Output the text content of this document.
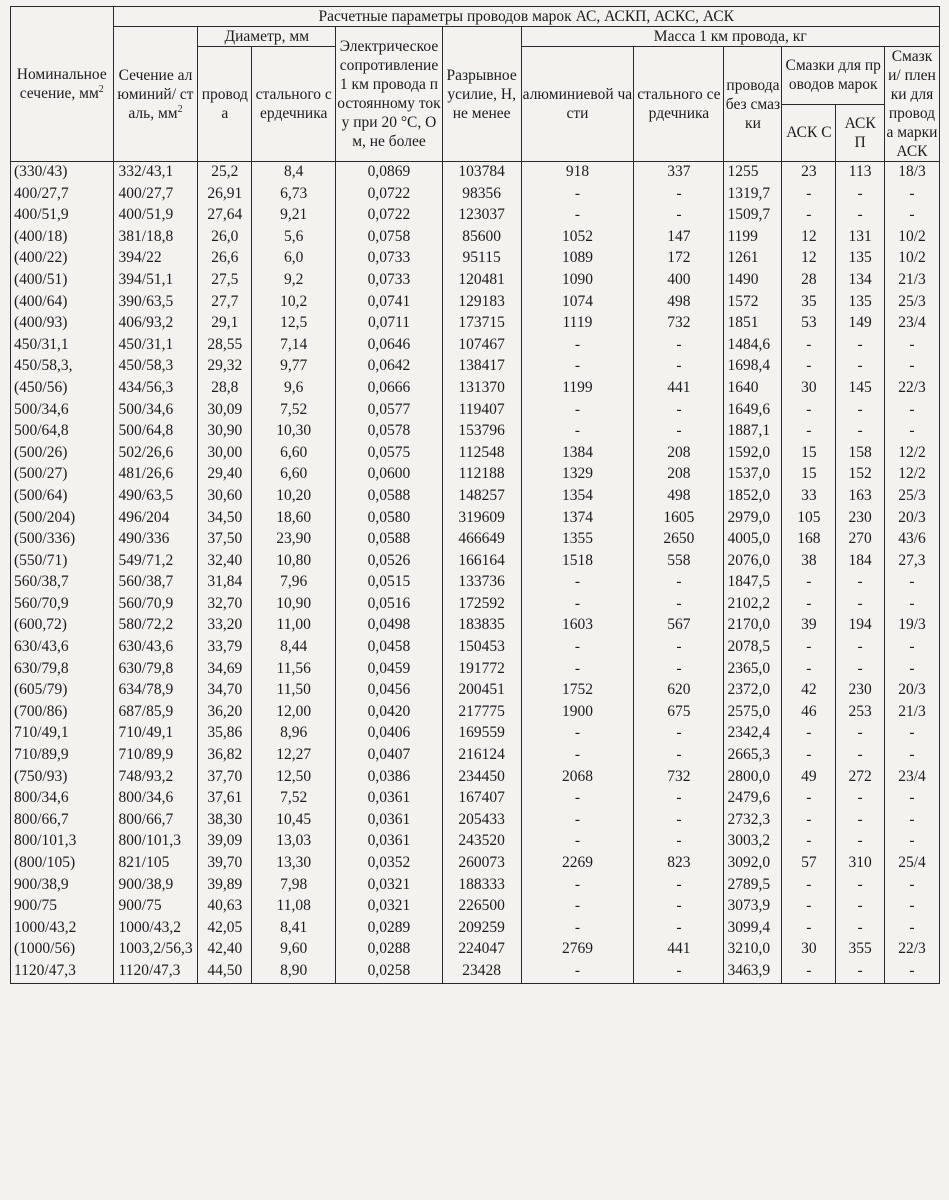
Номинальное сечение, $мм^2$	Расчетные параметры проводов марок АС, АСКП, АСКС, АСК										
	Сечение алюминий/ сталь, $мм^2$	Диаметр, мм		Электрическое сопротивление 1 км провода постоянному току при 20 °С, Ом, не более	Разрывное усилие, Н, не менее	Масса 1 км провода, кг					
		провода	стального сердечника			алюминиевой части	стального сердечника	провода без смазки	Смазки для проводов марок		Смазки/ пленки для провода марки АСК
									АСК С	АСК П	
(330/43)	332/43,1	25,2	8,4	0,0869	103784	918	337	1255	23	113	18/3
400/27,7	400/27,7	26,91	6,73	0,0722	98356	-	-	1319,7	-	-	-
400/51,9	400/51,9	27,64	9,21	0,0722	123037	-	-	1509,7	-	-	-
(400/18)	381/18,8	26,0	5,6	0,0758	85600	1052	147	1199	12	131	10/2
(400/22)	394/22	26,6	6,0	0,0733	95115	1089	172	1261	12	135	10/2
(400/51)	394/51,1	27,5	9,2	0,0733	120481	1090	400	1490	28	134	21/3
(400/64)	390/63,5	27,7	10,2	0,0741	129183	1074	498	1572	35	135	25/3
(400/93)	406/93,2	29,1	12,5	0,0711	173715	1119	732	1851	53	149	23/4
450/31,1	450/31,1	28,55	7,14	0,0646	107467	-	-	1484,6	-	-	-
450/58,3,	450/58,3	29,32	9,77	0,0642	138417	-	-	1698,4	-	-	-
(450/56)	434/56,3	28,8	9,6	0,0666	131370	1199	441	1640	30	145	22/3
500/34,6	500/34,6	30,09	7,52	0,0577	119407	-	-	1649,6	-	-	-
500/64,8	500/64,8	30,90	10,30	0,0578	153796	-	-	1887,1	-	-	-
(500/26)	502/26,6	30,00	6,60	0,0575	112548	1384	208	1592,0	15	158	12/2
(500/27)	481/26,6	29,40	6,60	0,0600	112188	1329	208	1537,0	15	152	12/2
(500/64)	490/63,5	30,60	10,20	0,0588	148257	1354	498	1852,0	33	163	25/3
(500/204)	496/204	34,50	18,60	0,0580	319609	1374	1605	2979,0	105	230	20/3
(500/336)	490/336	37,50	23,90	0,0588	466649	1355	2650	4005,0	168	270	43/6
(550/71)	549/71,2	32,40	10,80	0,0526	166164	1518	558	2076,0	38	184	27,3
560/38,7	560/38,7	31,84	7,96	0,0515	133736	-	-	1847,5	-	-	-
560/70,9	560/70,9	32,70	10,90	0,0516	172592	-	-	2102,2	-	-	-
(600,72)	580/72,2	33,20	11,00	0,0498	183835	1603	567	2170,0	39	194	19/3
630/43,6	630/43,6	33,79	8,44	0,0458	150453	-	-	2078,5	-	-	-
630/79,8	630/79,8	34,69	11,56	0,0459	191772	-	-	2365,0	-	-	-
(605/79)	634/78,9	34,70	11,50	0,0456	200451	1752	620	2372,0	42	230	20/3
(700/86)	687/85,9	36,20	12,00	0,0420	217775	1900	675	2575,0	46	253	21/3
710/49,1	710/49,1	35,86	8,96	0,0406	169559	-	-	2342,4	-	-	-
710/89,9	710/89,9	36,82	12,27	0,0407	216124	-	-	2665,3	-	-	-
(750/93)	748/93,2	37,70	12,50	0,0386	234450	2068	732	2800,0	49	272	23/4
800/34,6	800/34,6	37,61	7,52	0,0361	167407	-	-	2479,6	-	-	-
800/66,7	800/66,7	38,30	10,45	0,0361	205433	-	-	2732,3	-	-	-
800/101,3	800/101,3	39,09	13,03	0,0361	243520	-	-	3003,2	-	-	-
(800/105)	821/105	39,70	13,30	0,0352	260073	2269	823	3092,0	57	310	25/4
900/38,9	900/38,9	39,89	7,98	0,0321	188333	-	-	2789,5	-	-	-
900/75	900/75	40,63	11,08	0,0321	226500	-	-	3073,9	-	-	-
1000/43,2	1000/43,2	42,05	8,41	0,0289	209259	-	-	3099,4	-	-	-
(1000/56)	1003,2/56,3	42,40	9,60	0,0288	224047	2769	441	3210,0	30	355	22/3
1120/47,3	1120/47,3	44,50	8,90	0,0258	23428	-	-	3463,9	-	-	-
